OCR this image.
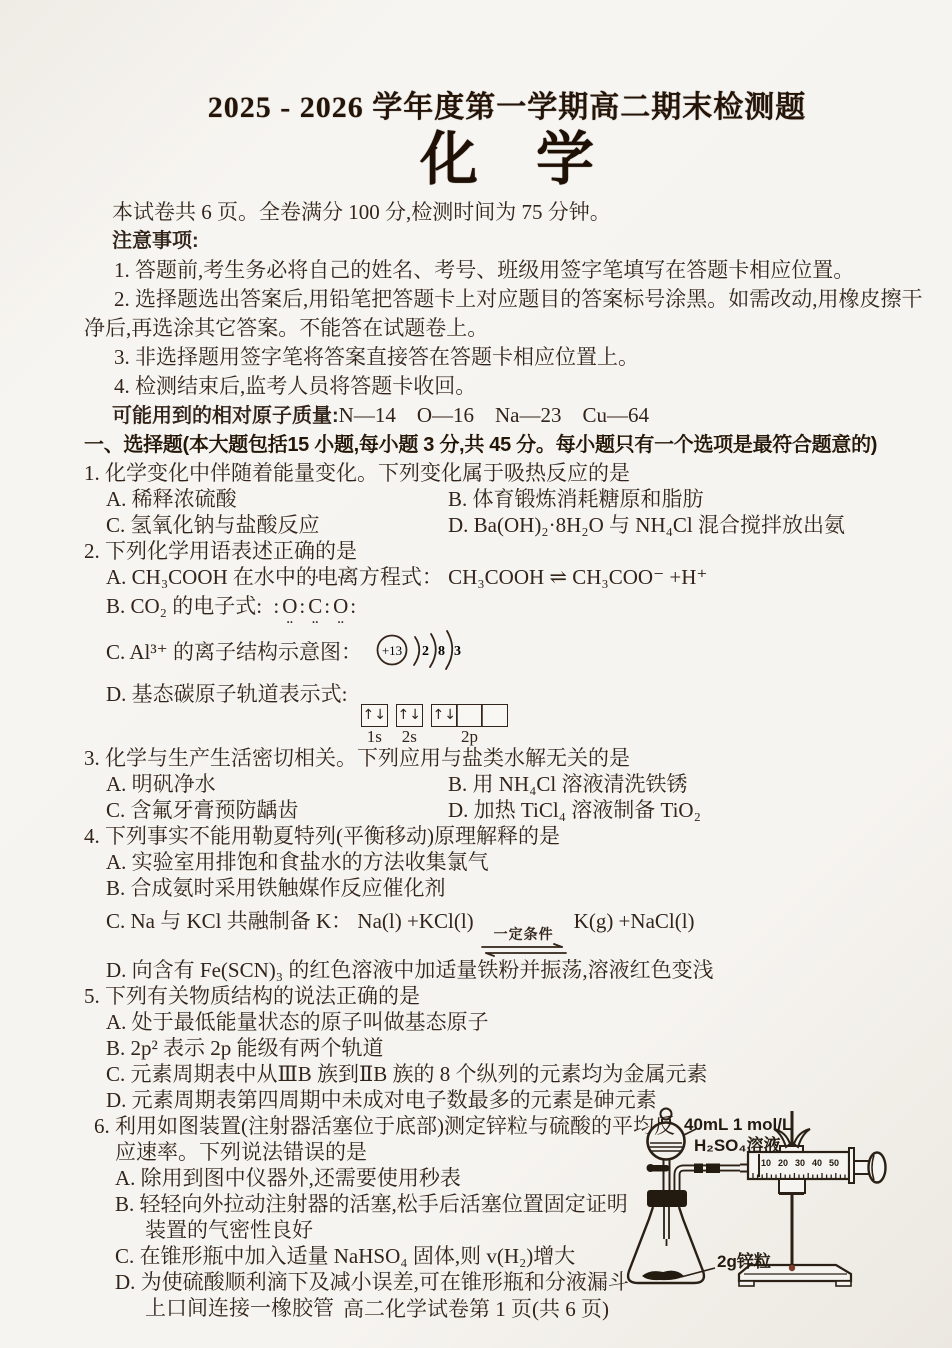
2025 - 2026 学年度第一学期高二期末检测题

化　学

本试卷共 6 页。全卷满分 100 分,检测时间为 75 分钟。

注意事项:

1. 答题前,考生务必将自己的姓名、考号、班级用签字笔填写在答题卡相应位置。

2. 选择题选出答案后,用铅笔把答题卡上对应题目的答案标号涂黑。如需改动,用橡皮擦干净后,再选涂其它答案。不能答在试题卷上。

3. 非选择题用签字笔将答案直接答在答题卡相应位置上。

4. 检测结束后,监考人员将答题卡收回。

可能用到的相对原子质量:N—14　O—16　Na—23　Cu—64

一、选择题(本大题包括15 小题,每小题 3 分,共 45 分。每小题只有一个选项是最符合题意的)

1. 化学变化中伴随着能量变化。下列变化属于吸热反应的是

A. 稀释浓硫酸	B. 体育锻炼消耗糖原和脂肪
C. 氢氧化钠与盐酸反应	D. Ba(OH)₂·8H₂O 与 NH₄Cl 混合搅拌放出氨

2. 下列化学用语表述正确的是

A. CH₃COOH 在水中的电离方程式： CH₃COOH ⇌ CH₃COO⁻ +H⁺

B. CO₂ 的电子式: :¨ O ¨:¨ C ¨:¨ O ¨:

C. Al³⁺ 的离子结构示意图： +13 2 8 3

D. 基态碳原子轨道表示式:
↑↓
1s
↑↓
2s
↑↓
2p

3. 化学与生产生活密切相关。下列应用与盐类水解无关的是

A. 明矾净水	B. 用 NH₄Cl 溶液清洗铁锈
C. 含氟牙膏预防龋齿	D. 加热 TiCl₄ 溶液制备 TiO₂

4. 下列事实不能用勒夏特列(平衡移动)原理解释的是

A. 实验室用排饱和食盐水的方法收集氯气

B. 合成氨时采用铁触媒作反应催化剂

C. Na 与 KCl 共融制备 K： Na(l) +KCl(l)
一定条件
K(g) +NaCl(l)

D. 向含有 Fe(SCN)₃ 的红色溶液中加适量铁粉并振荡,溶液红色变浅

5. 下列有关物质结构的说法正确的是

A. 处于最低能量状态的原子叫做基态原子

B. 2p² 表示 2p 能级有两个轨道

C. 元素周期表中从ⅢB 族到ⅡB 族的 8 个纵列的元素均为金属元素

D. 元素周期表第四周期中未成对电子数最多的元素是砷元素

6. 利用如图装置(注射器活塞位于底部)测定锌粒与硫酸的平均反应速率。下列说法错误的是

A. 除用到图中仪器外,还需要使用秒表

B. 轻轻向外拉动注射器的活塞,松手后活塞位置固定证明装置的气密性良好

C. 在锥形瓶中加入适量 NaHSO₄ 固体,则 v(H₂)增大

D. 为使硫酸顺利滴下及减小误差,可在锥形瓶和分液漏斗上口间连接一橡胶管

10 20 30 40 50
40mL 1 mol/L
H₂SO₄溶液
2g锌粒

高二化学试卷第 1 页(共 6 页)
